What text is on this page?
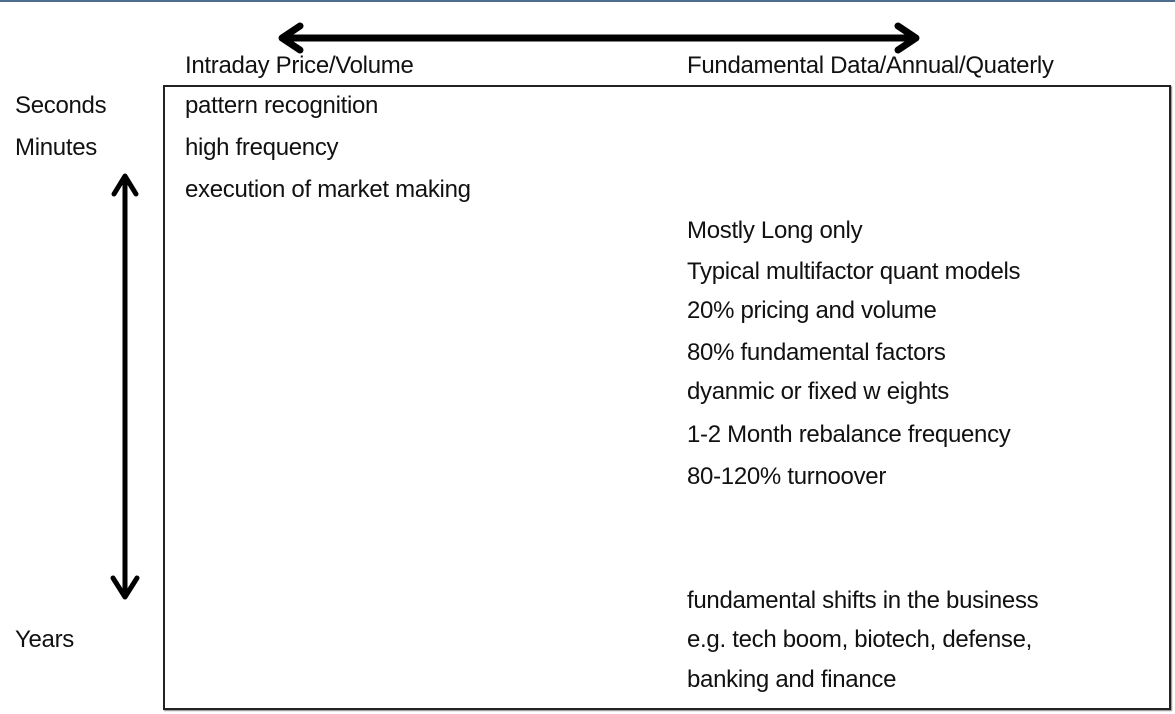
Intraday Price/Volume	Fundamental Data/Annual/Quaterly
Seconds
Minutes
Years
pattern recognition
high frequency
execution of market making
Mostly Long only
Typical multifactor quant models
20% pricing and volume
80% fundamental factors
dyanmic or fixed w eights
1-2 Month rebalance frequency
80-120% turnoover
fundamental shifts in the business
e.g. tech boom, biotech, defense,
banking and finance
